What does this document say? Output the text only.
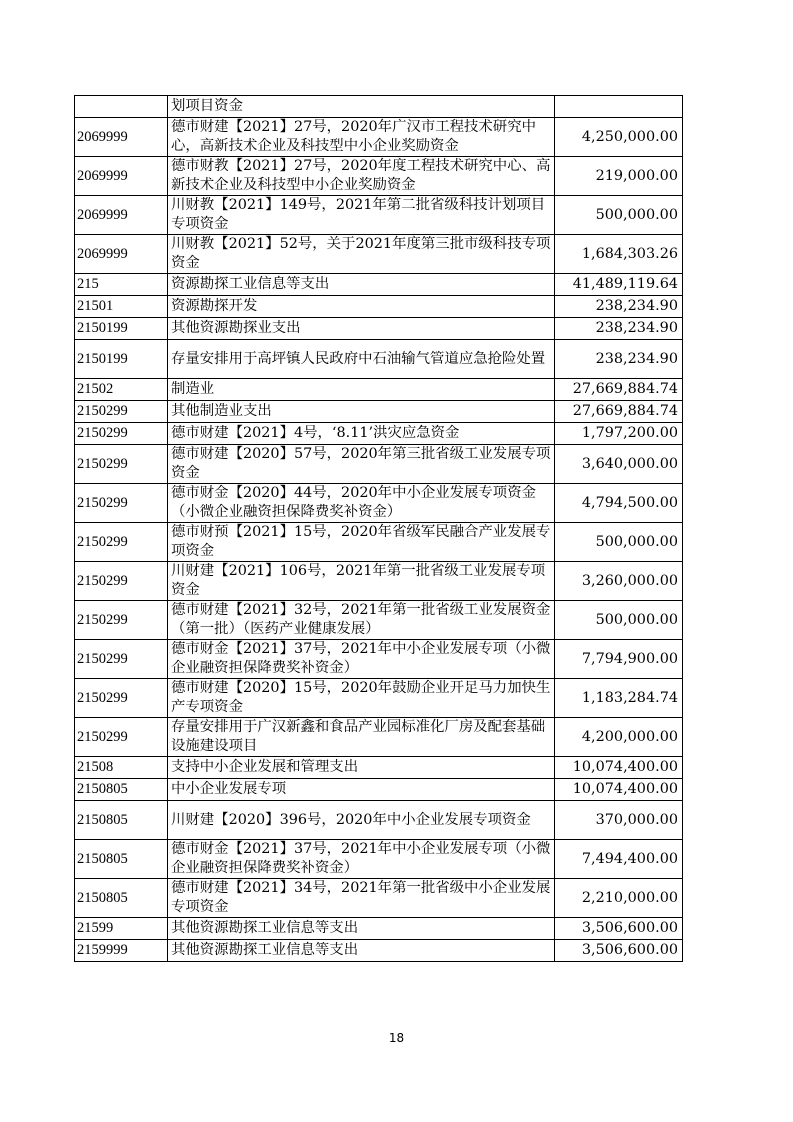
	划项目资金	
2069999	德市财建【2021】27号，2020年广汉市工程技术研究中心，高新技术企业及科技型中小企业奖励资金	4,250,000.00
2069999	德市财教【2021】27号，2020年度工程技术研究中心、高新技术企业及科技型中小企业奖励资金	219,000.00
2069999	川财教【2021】149号，2021年第二批省级科技计划项目专项资金	500,000.00
2069999	川财教【2021】52号，关于2021年度第三批市级科技专项资金	1,684,303.26
215	资源勘探工业信息等支出	41,489,119.64
21501	资源勘探开发	238,234.90
2150199	其他资源勘探业支出	238,234.90
2150199	存量安排用于高坪镇人民政府中石油输气管道应急抢险处置	238,234.90
21502	制造业	27,669,884.74
2150299	其他制造业支出	27,669,884.74
2150299	德市财建【2021】4号，‘8.11’洪灾应急资金	1,797,200.00
2150299	德市财建【2020】57号，2020年第三批省级工业发展专项资金	3,640,000.00
2150299	德市财金【2020】44号，2020年中小企业发展专项资金（小微企业融资担保降费奖补资金）	4,794,500.00
2150299	德市财预【2021】15号，2020年省级军民融合产业发展专项资金	500,000.00
2150299	川财建【2021】106号，2021年第一批省级工业发展专项资金	3,260,000.00
2150299	德市财建【2021】32号，2021年第一批省级工业发展资金（第一批）（医药产业健康发展）	500,000.00
2150299	德市财金【2021】37号，2021年中小企业发展专项（小微企业融资担保降费奖补资金）	7,794,900.00
2150299	德市财建【2020】15号，2020年鼓励企业开足马力加快生产专项资金	1,183,284.74
2150299	存量安排用于广汉新鑫和食品产业园标准化厂房及配套基础设施建设项目	4,200,000.00
21508	支持中小企业发展和管理支出	10,074,400.00
2150805	中小企业发展专项	10,074,400.00
2150805	川财建【2020】396号，2020年中小企业发展专项资金	370,000.00
2150805	德市财金【2021】37号，2021年中小企业发展专项（小微企业融资担保降费奖补资金）	7,494,400.00
2150805	德市财建【2021】34号，2021年第一批省级中小企业发展专项资金	2,210,000.00
21599	其他资源勘探工业信息等支出	3,506,600.00
2159999	其他资源勘探工业信息等支出	3,506,600.00
18
